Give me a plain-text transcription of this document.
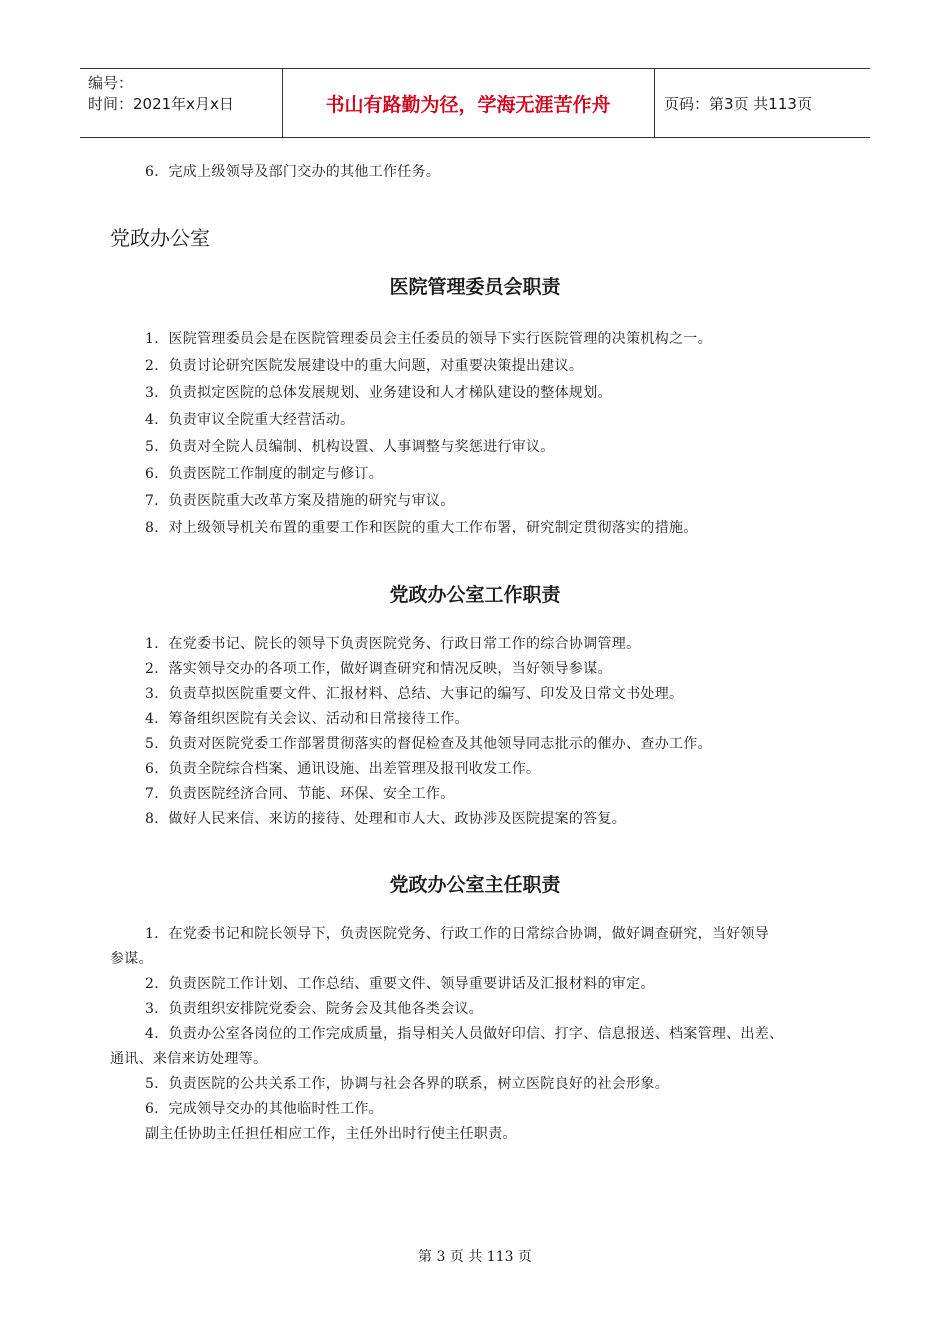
编号：
时间：2021年x月x日	书山有路勤为径，学海无涯苦作舟	页码：第3页 共113页
6．完成上级领导及部门交办的其他工作任务。
党政办公室
医院管理委员会职责
1．医院管理委员会是在医院管理委员会主任委员的领导下实行医院管理的决策机构之一。
2．负责讨论研究医院发展建设中的重大问题，对重要决策提出建议。
3．负责拟定医院的总体发展规划、业务建设和人才梯队建设的整体规划。
4．负责审议全院重大经营活动。
5．负责对全院人员编制、机构设置、人事调整与奖惩进行审议。
6．负责医院工作制度的制定与修订。
7．负责医院重大改革方案及措施的研究与审议。
8．对上级领导机关布置的重要工作和医院的重大工作布署，研究制定贯彻落实的措施。
党政办公室工作职责
1．在党委书记、院长的领导下负责医院党务、行政日常工作的综合协调管理。
2．落实领导交办的各项工作，做好调查研究和情况反映，当好领导参谋。
3．负责草拟医院重要文件、汇报材料、总结、大事记的编写、印发及日常文书处理。
4．筹备组织医院有关会议、活动和日常接待工作。
5．负责对医院党委工作部署贯彻落实的督促检查及其他领导同志批示的催办、查办工作。
6．负责全院综合档案、通讯设施、出差管理及报刊收发工作。
7．负责医院经济合同、节能、环保、安全工作。
8．做好人民来信、来访的接待、处理和市人大、政协涉及医院提案的答复。
党政办公室主任职责
1．在党委书记和院长领导下，负责医院党务、行政工作的日常综合协调，做好调查研究，当好领导
参谋。
2．负责医院工作计划、工作总结、重要文件、领导重要讲话及汇报材料的审定。
3．负责组织安排院党委会、院务会及其他各类会议。
4．负责办公室各岗位的工作完成质量，指导相关人员做好印信、打字、信息报送、档案管理、出差、
通讯、来信来访处理等。
5．负责医院的公共关系工作，协调与社会各界的联系，树立医院良好的社会形象。
6．完成领导交办的其他临时性工作。
副主任协助主任担任相应工作，主任外出时行使主任职责。
第 3 页 共 113 页
